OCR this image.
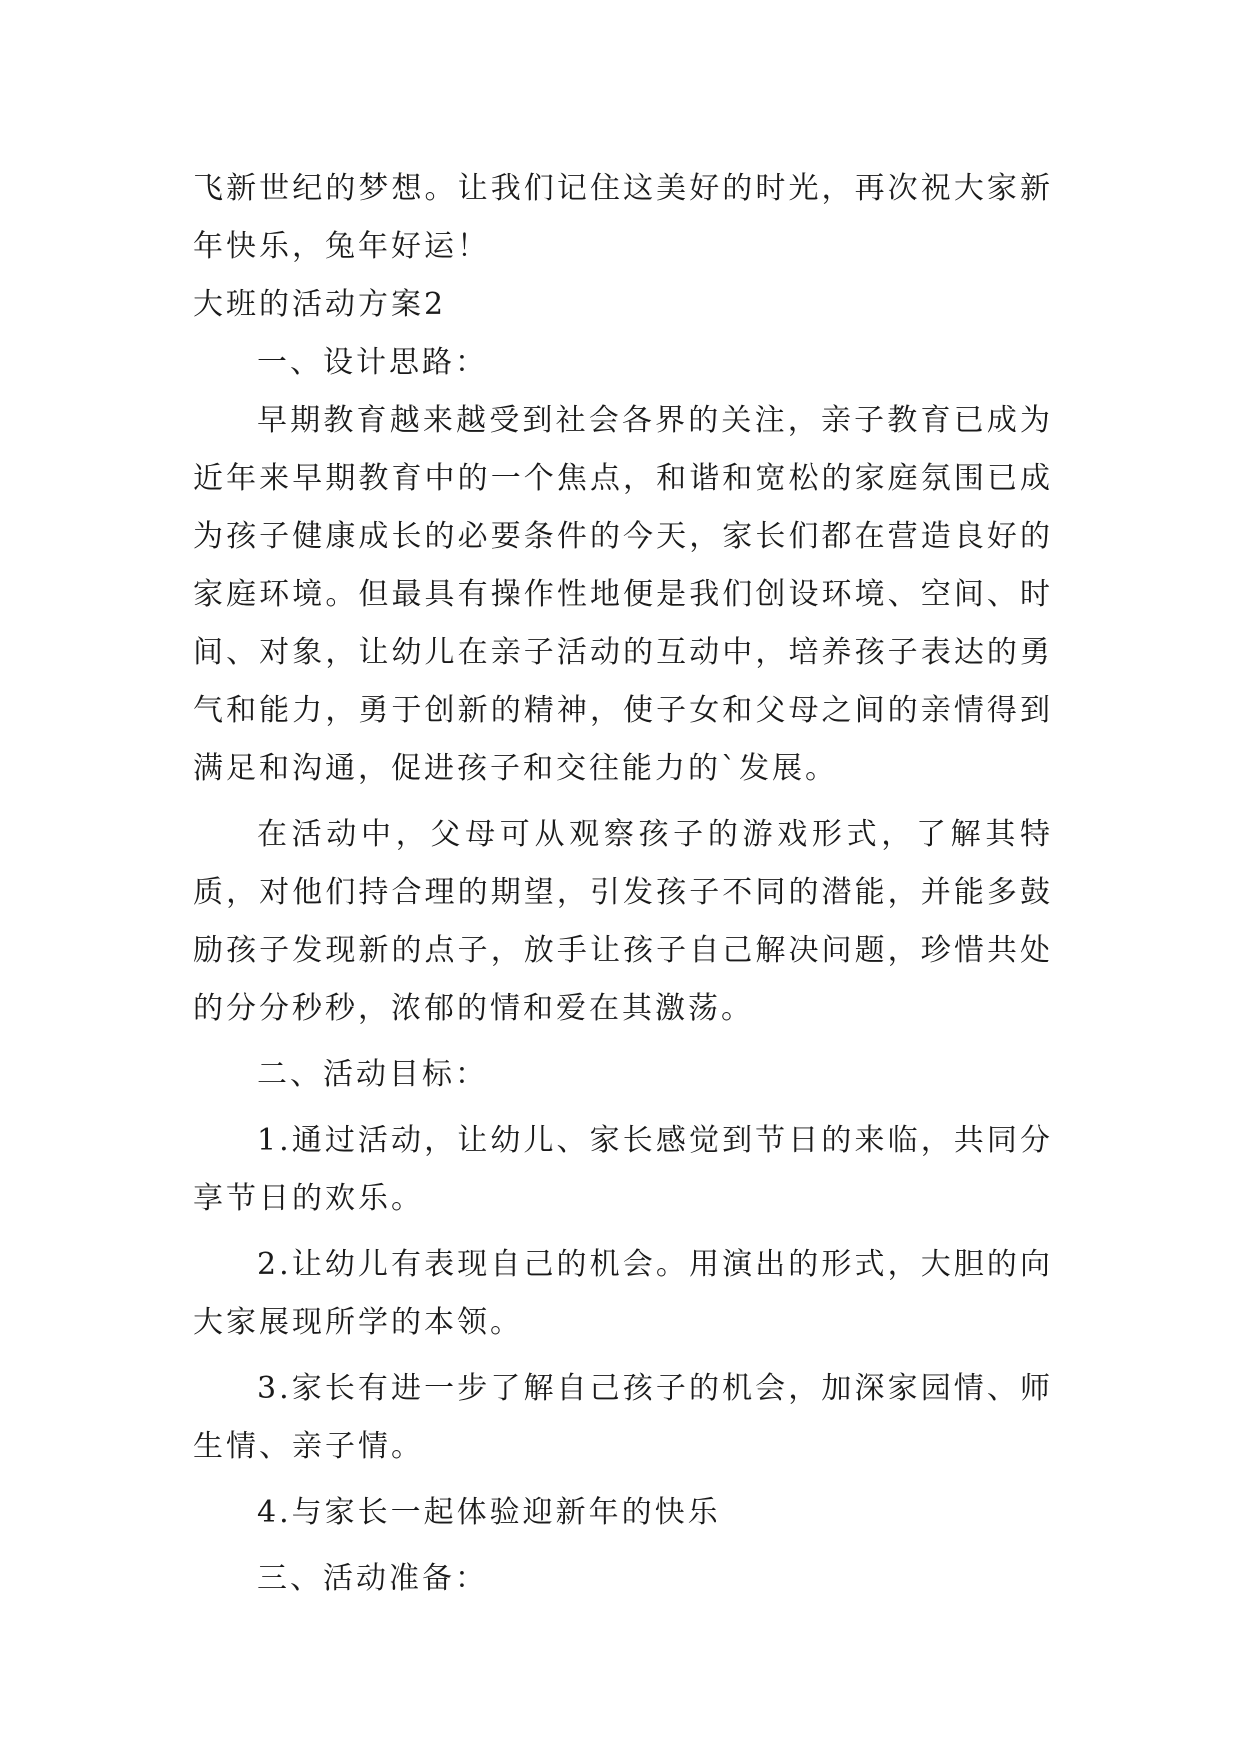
飞新世纪的梦想。让我们记住这美好的时光，再次祝大家新年快乐，兔年好运！

大班的活动方案2

一、设计思路：

早期教育越来越受到社会各界的关注，亲子教育已成为近年来早期教育中的一个焦点，和谐和宽松的家庭氛围已成为孩子健康成长的必要条件的今天，家长们都在营造良好的家庭环境。但最具有操作性地便是我们创设环境、空间、时间、对象，让幼儿在亲子活动的互动中，培养孩子表达的勇气和能力，勇于创新的精神，使子女和父母之间的亲情得到满足和沟通，促进孩子和交往能力的`发展。

在活动中，父母可从观察孩子的游戏形式，了解其特质，对他们持合理的期望，引发孩子不同的潜能，并能多鼓励孩子发现新的点子，放手让孩子自己解决问题，珍惜共处的分分秒秒，浓郁的情和爱在其激荡。

二、活动目标：

1.通过活动，让幼儿、家长感觉到节日的来临，共同分享节日的欢乐。

2.让幼儿有表现自己的机会。用演出的形式，大胆的向大家展现所学的本领。

3.家长有进一步了解自己孩子的机会，加深家园情、师生情、亲子情。

4.与家长一起体验迎新年的快乐

三、活动准备：
